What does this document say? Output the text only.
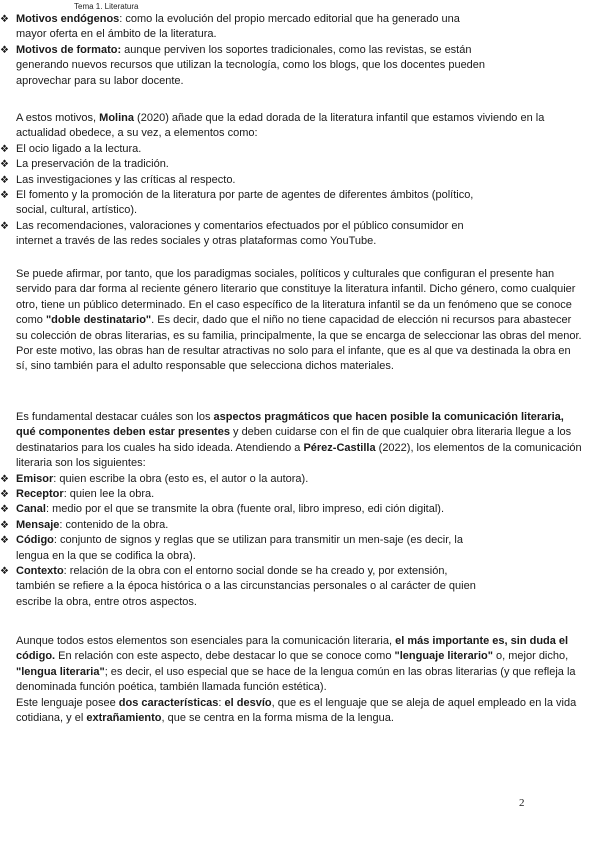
Tema 1. Literatura
❖ Motivos endógenos: como la evolución del propio mercado editorial que ha generado una mayor oferta en el ámbito de la literatura.
❖ Motivos de formato: aunque perviven los soportes tradicionales, como las revistas, se están generando nuevos recursos que utilizan la tecnología, como los blogs, que los docentes pueden aprovechar para su labor docente.

A estos motivos, Molina (2020) añade que la edad dorada de la literatura infantil que estamos viviendo en la actualidad obedece, a su vez, a elementos como:

❖ El ocio ligado a la lectura.
❖ La preservación de la tradición.
❖ Las investigaciones y las críticas al respecto.
❖ El fomento y la promoción de la literatura por parte de agentes de diferentes ámbitos (político, social, cultural, artístico).
❖ Las recomendaciones, valoraciones y comentarios efectuados por el público consumidor en internet a través de las redes sociales y otras plataformas como YouTube.

Se puede afirmar, por tanto, que los paradigmas sociales, políticos y culturales que configuran el presente han servido para dar forma al reciente género literario que constituye la literatura infantil. Dicho género, como cualquier otro, tiene un público determinado. En el caso específico de la literatura infantil se da un fenómeno que se conoce como "doble destinatario". Es decir, dado que el niño no tiene capacidad de elección ni recursos para abastecer su colección de obras literarias, es su familia, principalmente, la que se encarga de seleccionar las obras del menor. Por este motivo, las obras han de resultar atractivas no solo para el infante, que es al que va destinada la obra en sí, sino también para el adulto responsable que selecciona dichos materiales.

Es fundamental destacar cuáles son los aspectos pragmáticos que hacen posible la comunicación literaria, qué componentes deben estar presentes y deben cuidarse con el fin de que cualquier obra literaria llegue a los destinatarios para los cuales ha sido ideada. Atendiendo a Pérez-Castilla (2022), los elementos de la comunicación literaria son los siguientes:

❖ Emisor: quien escribe la obra (esto es, el autor o la autora).
❖ Receptor: quien lee la obra.
❖ Canal: medio por el que se transmite la obra (fuente oral, libro impreso, edi ción digital).
❖ Mensaje: contenido de la obra.
❖ Código: conjunto de signos y reglas que se utilizan para transmitir un men-saje (es decir, la lengua en la que se codifica la obra).
❖ Contexto: relación de la obra con el entorno social donde se ha creado y, por extensión, también se refiere a la época histórica o a las circunstancias personales o al carácter de quien escribe la obra, entre otros aspectos.

Aunque todos estos elementos son esenciales para la comunicación literaria, el más importante es, sin duda el código. En relación con este aspecto, debe destacar lo que se conoce como "lenguaje literario" o, mejor dicho, "lengua literaria"; es decir, el uso especial que se hace de la lengua común en las obras literarias (y que refleja la denominada función poética, también llamada función estética).

Este lenguaje posee dos características: el desvío, que es el lenguaje que se aleja de aquel empleado en la vida cotidiana, y el extrañamiento, que se centra en la forma misma de la lengua.

2
